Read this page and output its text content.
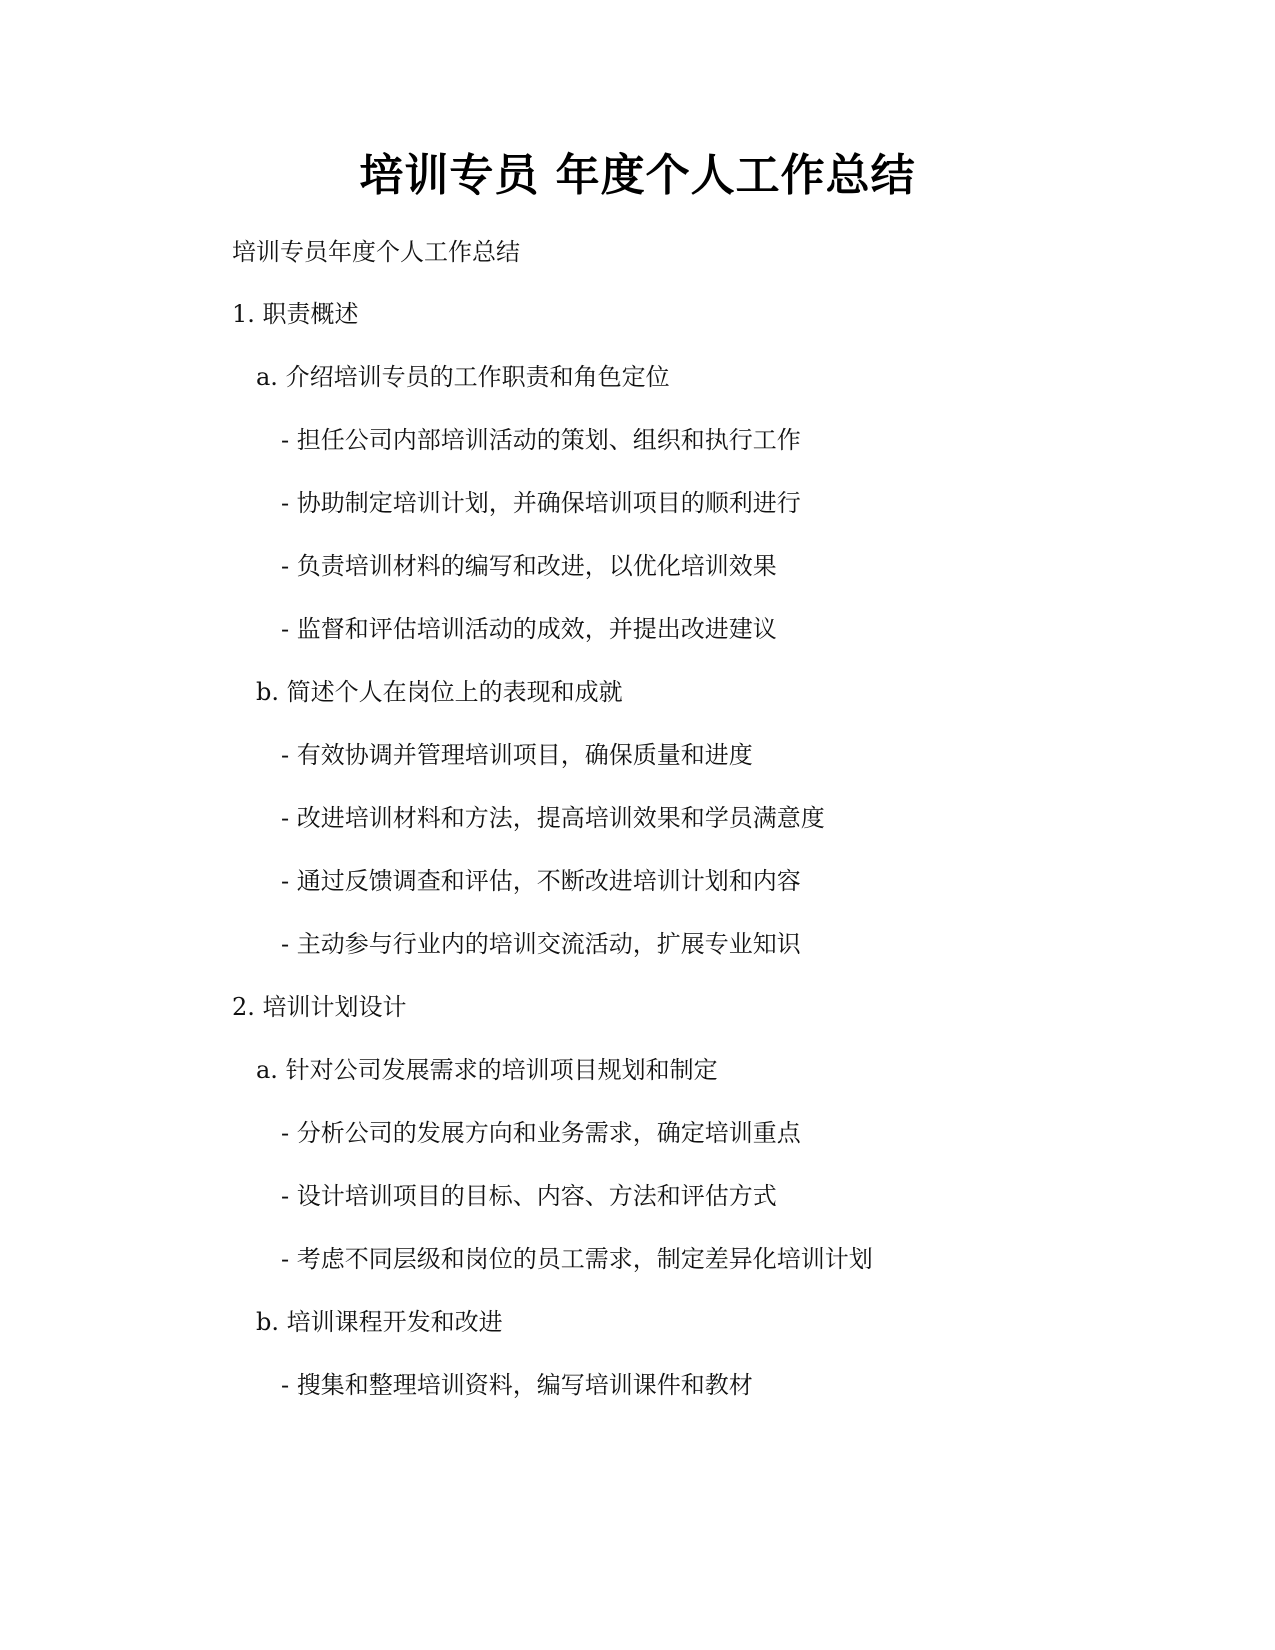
培训专员 年度个人工作总结
培训专员年度个人工作总结
1. 职责概述
a. 介绍培训专员的工作职责和角色定位
- 担任公司内部培训活动的策划、组织和执行工作
- 协助制定培训计划，并确保培训项目的顺利进行
- 负责培训材料的编写和改进，以优化培训效果
- 监督和评估培训活动的成效，并提出改进建议
b. 简述个人在岗位上的表现和成就
- 有效协调并管理培训项目，确保质量和进度
- 改进培训材料和方法，提高培训效果和学员满意度
- 通过反馈调查和评估，不断改进培训计划和内容
- 主动参与行业内的培训交流活动，扩展专业知识
2. 培训计划设计
a. 针对公司发展需求的培训项目规划和制定
- 分析公司的发展方向和业务需求，确定培训重点
- 设计培训项目的目标、内容、方法和评估方式
- 考虑不同层级和岗位的员工需求，制定差异化培训计划
b. 培训课程开发和改进
- 搜集和整理培训资料，编写培训课件和教材
